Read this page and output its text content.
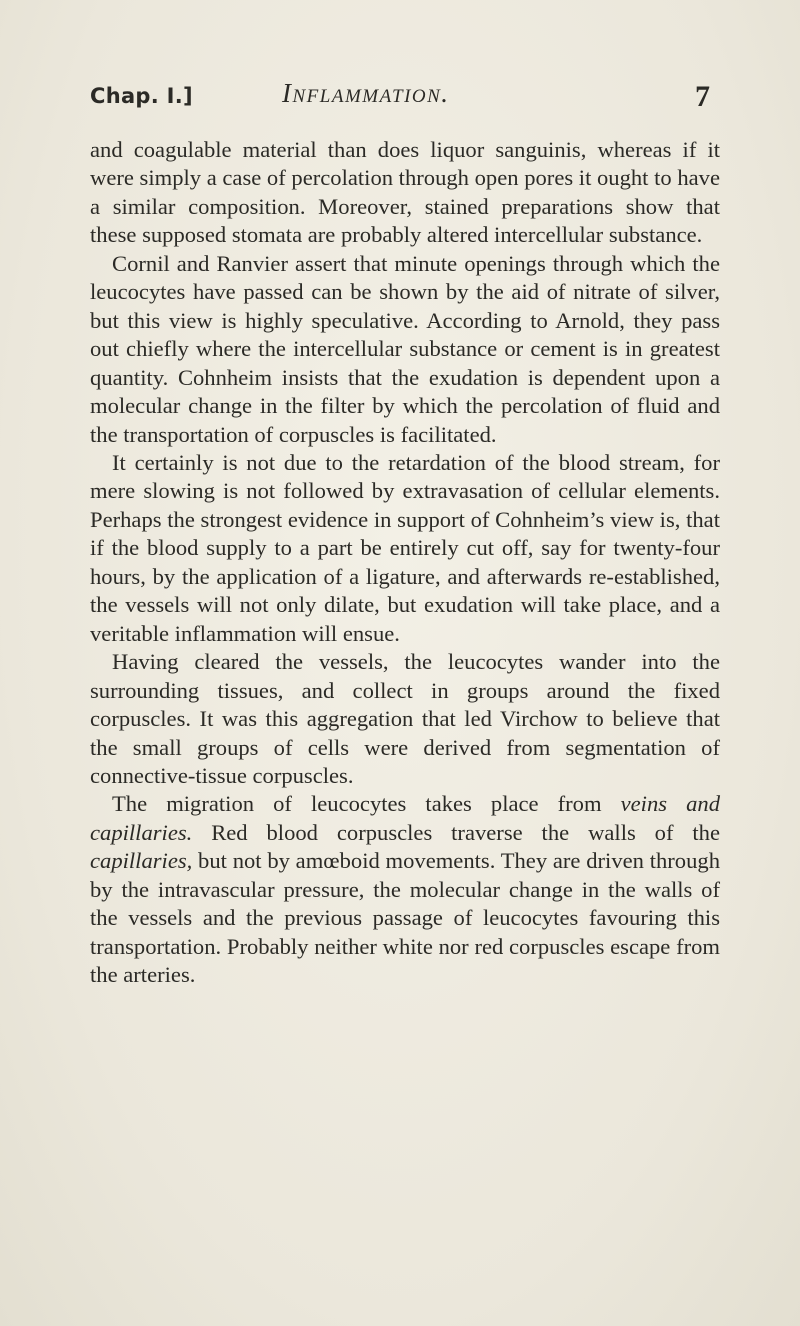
Chap. I.]	Inflammation.	7

and coagulable material than does liquor sanguinis, whereas if it were simply a case of percolation through open pores it ought to have a similar composition. Moreover, stained preparations show that these supposed stomata are probably altered intercellular substance.

Cornil and Ranvier assert that minute openings through which the leucocytes have passed can be shown by the aid of nitrate of silver, but this view is highly speculative. According to Arnold, they pass out chiefly where the intercellular substance or cement is in greatest quantity. Cohnheim insists that the exudation is dependent upon a molecular change in the filter by which the percolation of fluid and the transportation of corpuscles is facilitated.

It certainly is not due to the retardation of the blood stream, for mere slowing is not followed by extravasation of cellular elements. Perhaps the strongest evidence in support of Cohnheim’s view is, that if the blood supply to a part be entirely cut off, say for twenty-four hours, by the application of a ligature, and afterwards re-established, the vessels will not only dilate, but exudation will take place, and a veritable inflammation will ensue.

Having cleared the vessels, the leucocytes wander into the surrounding tissues, and collect in groups around the fixed corpuscles. It was this aggregation that led Virchow to believe that the small groups of cells were derived from segmentation of connective-tissue corpuscles.

The migration of leucocytes takes place from veins and capillaries. Red blood corpuscles traverse the walls of the capillaries, but not by amœboid movements. They are driven through by the intravascular pressure, the molecular change in the walls of the vessels and the previous passage of leucocytes favouring this transportation. Probably neither white nor red corpuscles escape from the arteries.
